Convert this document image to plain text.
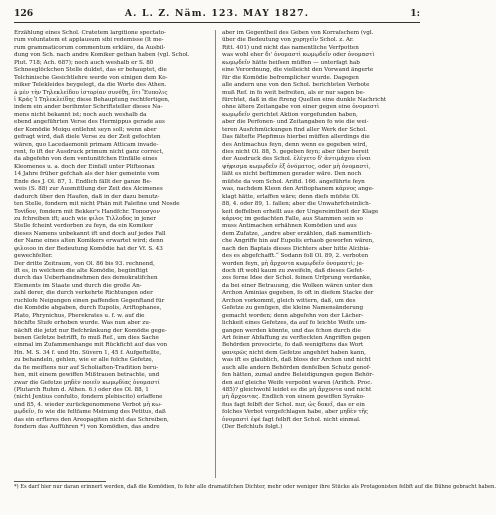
126	A. L. Z. Näm. 123. MAY 1827.	1:
Erzählung eines Schol. Cratetem largitione spectato-
rum voluntatem et applausum sibi redemisse (lt me-
rum grammaticorum commentum erkläre, da Ausbil-
dung von Sch. nach andre Komiker gethan haben (vgl. Schol.
Plut. 718; Ach. 687); noch auch weshalb er S. 80
Schneeglöckchen Stelle duldet, das er behauptet, die
Telchinische Gesichtlehre werde von einigen dem Ko-
miker Telekleides beygelegt, da die Worte des Athen.
à μὲν τὴν Τηλεκλείδου ἱστορίαν συνέθη, ὅτι Ἔυπολις
ἰ Κράς Ἰ Τηλεκλείδης diese Behauptung rechtfertigen,
indem ein ander berihmter Schriftsteller dieses Na-
mens nicht bekannt ist; noch auch weshalb da
ebend angeführten Verse des Hermippus gerade aus
der Komödie Moiqu entlehnt seyn soll; wenn aber
gefragt wird, daß diele Verse zu der Zeit gefochten
wären, quo Lacedaemonii primam Atticam invade-
rent, fo ift der Ausdruck primum nicht ganz correct,
da abgefehn von dem ventunitfchen Einfälle eines
Kleomenes u. a. doch der Einfall unter Plifteonax
14 Jahre früher gefchah als der hier gemeinte vom
Ende des J. Ol. 87, 1. Endlich fällt der ganze Be-
weis (S. 88) zur Ausmittlung der Zeit des Alcimenes
dadurch über den Haufen, daß in der dazu benutz-
ten Stelle, fondern mit nicht Phän mit Falefine und Nosde
Toviδον, fondern mit Bekker's Handfchr. Τοποσγον
zu fchreiben ift; auch wie φιλοι Τιλλοδος in jener
Stelle fcheint verdorben zu feyn, da ein Komiker
dieses Namens unbekannt ift und doch auf jedes Fall
der Name eines alten Komikers erwartet wird; denn
φιλοιοο in der Bedeutung Komödie hat der Vf. S. 43
gewechfelter.
Der dritte Zeitraum, von Ol. 86 bis 93. rechnend,
ift es, in welchem die alte Komödie, begiinftigt
durch das Ueberhandnehmen des demokratifchen
Elements im Staate und durch die große An-
zahl derer, die durch verkehrte Richtungen oder
ruchlofe Neigungen einen paffenden Gegenftand für
die Komödie abgaben, durch Eupolis, Ariftophanes,
Plato, Phrynichus, Pherekrates u. f. w. auf die
höchfte Stufe erhoben wurde. Was nun aber zu-
nächft die jetzt nur Befchränkung der Komödie gege-
benen Gefetze betrifft, fo muß Ref., um dies Sache
einmal im Zufammenhange mit Rückficht auf das von
Hn. M. S. 34 f. und Hn. Süvern 1, 45 f. Aufgeftellte,
zu behandeln, gehlen, wie er alle folche Gefetze,
da fie meiftens nur auf Scholiaften-Tradition beru-
hen, mit einem gewiffen Mißtrauen betrachte, und
zwar die Gefetze μηδὲν ποιεῖν κωμῳδίας ὀνομαστί
(Plutarch Ruhm d. Athen. 6.) oder des Ol. 88, 1
(nicht Jentius confulto, fondern plebiscito) erlaffene
und 85, 4. wieder zurückgenommene Verbot μὴ κω-
μῳδεῖν, fo wie die feltfame Meinung des Petitus, daß
das ein erfteres den Areopagiten nicht das Schreiben,
fondern das Aufführen *) von Komödien, das andre
aber im Gegentheil des Geben von Korraïschem (vgl.
über die Bedeutung von χορηγεῖν Schol. z. Ar.
Ritt. 401) und nicht das namentliche Verfpotten
was wohl eher δι' ὀνομαστὶ κωμῳδεῖν oder ὀνομαστὶ
κωμῳδεῖν hätte heifsen müffen — unterfagt hab
eine Verordnung, die vielleicht den Vorwand ängerte
für die Komödie befremplicher wurde. Dagegen
alle andern une von den Schol. berichteten Verbote
muß Ref. in fo weit befreiten, als er nur sagen be-
fürchtet, daß in die ftreng Quellen eine dunkle Nachricht
ohne ältere Zeitangabe von einer gegen eine ὀνομαστὶ
κωμῳδεῖν gerichtet Aktion vorgefunden haben,
aber die Perfonen- und Zeitangaben fo wie die wei-
teren Ausfchmückungen find aller Werk der Schol.
Das fältefte Plepfimus hierbei müffen allerdings die
des Antimachus feyn, denn wenn es gegeben wird,
dies nicht Ol. 88, 5. gegeben feyn; aber über bereit
der Ausdruck des Schol. ἐλέγετο δ' ἀντιμάχου εἶναι
ψήφισμα κωμῳδεῖν ἐξ ὀνόματος, oder μὴ ὀνομαστὶ,
läßt es nicht beftimmen gerader wäre. Den noch
müfste da vom Schol. Arifid. 166. angeführte feyn
was, nachdem Kleon den Arifiophanem κάρνος ange-
klagt hätte, erlaffen wäre; denn diefs müfste Ol.
88, 4. oder 89, 1. fallen; aber die Unwahrfcheinlich-
keit deffelben erhellt aus der Ungereimtheit der Klage
κάρνος im gedachten Falle, aus Stammen sein so
muss Antimachen erhähnen Komödien und aus
dem Zufatze, „andre aber erzählen, daß namentlich-
che Angriffe hin auf Eupolis erhaob geworfen wären,
nach den Baptais dieses Dichters aber hitte Alcibia-
des es abgefchafft.“ Sodann foll Ol. 89, 2. verboten
worden feyn, μὴ ἄρχοντα κωμῳδεῖν ὀνομαστὶ; je-
doch ift wohl kaum zu zweifeln, daß dieses Gefet-
zes ferne Idee der Schol. feinen Urfprung verdanke,
da bei einer Betrauung, die Wolken wären unter den
Archon Aminias gegeben, fo oft in diefem Stacke der
Archon vorkommt, gleich wittern, daß, um des
Gefetze zu genügen, die kleine Namensänderung
gemacht worden; denn abgefehn von der Lächer-
lichkeit eines Gefetzes, da auf fo leichte Weife um-
gangen werden könnte, und das fchon durch die
Art feiner Abfaffung zu verfteckten Angriffen gegen
Behörden provocirte, fo daß wenigftens das Wort
φανερῶς nicht dem Gefetze angehört haben kann,
was ift es glaublich, daß bloss der Archon und nicht
auch alle andern Behörden denfelben Schutz genof-
fen hätten, zumal andre Beleidigungen gegen Behör-
den auf gleiche Weife verpoönt waren (Arifich. Proc.
485)? gleichwohl leidet es die μὴ ἄρχοντα und nicht
μὴ ἄρχοντας. Endlich von einem gewiffen Syrako-
fius fagt felbft der Schol. nur, ὡς δοκεῖ, das er ein
folches Verbot vorgefchlagen habe, aber μηδὲν τῆς
ὀνομαστὶ ἐφέ fagt felbft der Schol. nicht einmal.
(Der Befchlufs folgt.)
*) Es darf hier nur daran erinnert werden, daß die Komödien, fo fehr alle dramatifchen Dichter, mehr oder weniger ihre Stücke als Protagonisten felbft auf die Bühne gebracht haben.
